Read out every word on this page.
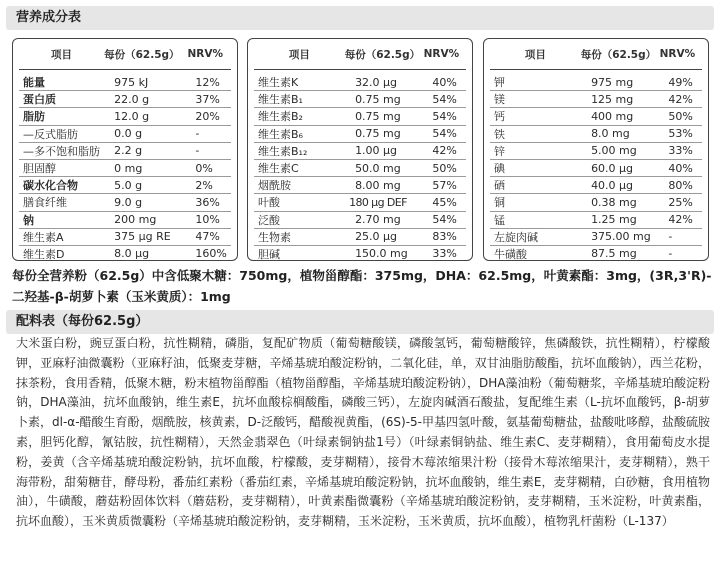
营养成分表
项目	每份（62.5g） NRV%
能量	975 kJ	12%
蛋白质	22.0 g	37%
脂肪	12.0 g	20%
—反式脂肪	0.0 g	-
—多不饱和脂肪	2.2 g	-
胆固醇	0 mg	0%
碳水化合物	5.0 g	2%
膳食纤维	9.0 g	36%
钠	200 mg	10%
维生素A	375 μg RE	47%
维生素D	8.0 μg	160%
项目	每份（62.5g） NRV%
维生素K	32.0 μg	40%
维生素B₁	0.75 mg	54%
维生素B₂	0.75 mg	54%
维生素B₆	0.75 mg	54%
维生素B₁₂	1.00 μg	42%
维生素C	50.0 mg	50%
烟酰胺	8.00 mg	57%
叶酸	180 μg DEF	45%
泛酸	2.70 mg	54%
生物素	25.0 μg	83%
胆碱	150.0 mg	33%
项目	每份（62.5g） NRV%
钾	975 mg	49%
镁	125 mg	42%
钙	400 mg	50%
铁	8.0 mg	53%
锌	5.00 mg	33%
碘	60.0 μg	40%
硒	40.0 μg	80%
铜	0.38 mg	25%
锰	1.25 mg	42%
左旋肉碱	375.00 mg	-
牛磺酸	87.5 mg	-
每份全营养粉（62.5g）中含低聚木糖：750mg，植物甾醇酯：375mg，DHA：62.5mg，叶黄素酯：3mg，(3R,3'R)-二羟基-β-胡萝卜素（玉米黄质）：1mg
配料表（每份62.5g）
大米蛋白粉，豌豆蛋白粉，抗性糊精，磷脂，复配矿物质（葡萄糖酸镁，磷酸氢钙，葡萄糖酸锌，焦磷酸铁，抗性糊精），柠檬酸钾，亚麻籽油微囊粉（亚麻籽油，低聚麦芽糖，辛烯基琥珀酸淀粉钠，二氧化硅，单，双甘油脂肪酸酯，抗坏血酸钠），西兰花粉，抹茶粉，食用香精，低聚木糖，粉末植物甾醇酯（植物甾醇酯，辛烯基琥珀酸淀粉钠），DHA藻油粉（葡萄糖浆，辛烯基琥珀酸淀粉钠，DHA藻油，抗坏血酸钠，维生素E，抗坏血酸棕榈酸酯，磷酸三钙），左旋肉碱酒石酸盐，复配维生素（L-抗坏血酸钙，β-胡萝卜素，dl-α-醋酸生育酚，烟酰胺，核黄素，D-泛酸钙，醋酸视黄酯，(6S)-5-甲基四氢叶酸，氨基葡萄糖盐，盐酸吡哆醇，盐酸硫胺素，胆钙化醇，氰钴胺，抗性糊精），天然金翡翠色（叶绿素铜钠盐1号）（叶绿素铜钠盐、维生素C、麦芽糊精），食用葡萄皮水提粉，姜黄（含辛烯基琥珀酸淀粉钠，抗坏血酸，柠檬酸，麦芽糊精），接骨木莓浓缩果汁粉（接骨木莓浓缩果汁，麦芽糊精），熟干海带粉，甜菊糖苷，酵母粉，番茄红素粉（番茄红素，辛烯基琥珀酸淀粉钠，抗坏血酸钠，维生素E，麦芽糊精，白砂糖，食用植物油），牛磺酸，蘑菇粉固体饮料（蘑菇粉，麦芽糊精），叶黄素酯微囊粉（辛烯基琥珀酸淀粉钠，麦芽糊精，玉米淀粉，叶黄素酯，抗坏血酸），玉米黄质微囊粉（辛烯基琥珀酸淀粉钠，麦芽糊精，玉米淀粉，玉米黄质，抗坏血酸），植物乳杆菌粉（L-137）
